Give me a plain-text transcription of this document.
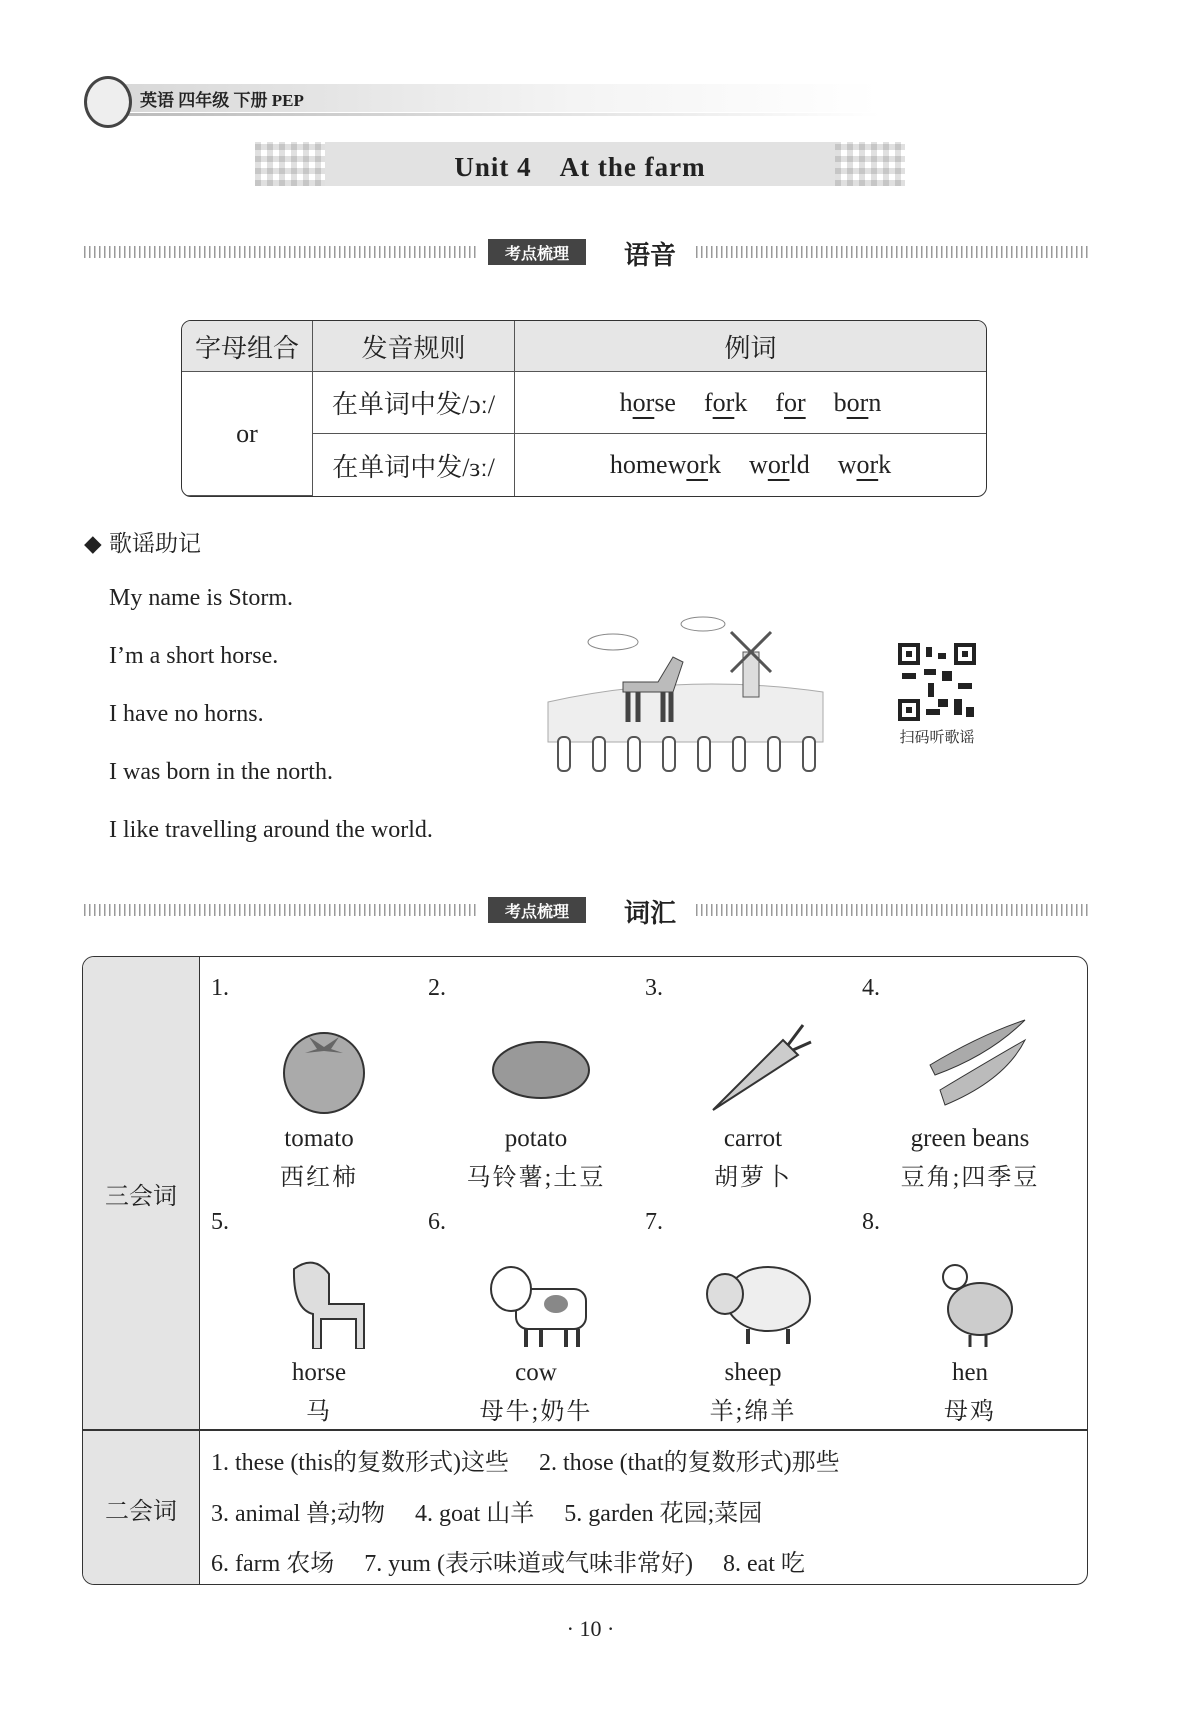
英语 四年级 下册 PEP
Unit 4　At the farm
考点梳理	语音
字母组合	发音规则	例词
or	在单词中发/ɔː/	horse fork for born
	在单词中发/ɜː/	homework world work
◆ 歌谣助记
My name is Storm.
I’m a short horse.
I have no horns.
I was born in the north.
I like travelling around the world.
扫码听歌谣
考点梳理	词汇
三会词
二会词
1.
tomato
西红柿
2.
potato
马铃薯;土豆
3.
carrot
胡萝卜
4.
green beans
豆角;四季豆
5.
horse
马
6.
cow
母牛;奶牛
7.
sheep
羊;绵羊
8.
hen
母鸡
1. these (this的复数形式)这些　 2. those (that的复数形式)那些
3. animal 兽;动物　 4. goat 山羊　 5. garden 花园;菜园
6. farm 农场　 7. yum (表示味道或气味非常好)　 8. eat 吃
· 10 ·
